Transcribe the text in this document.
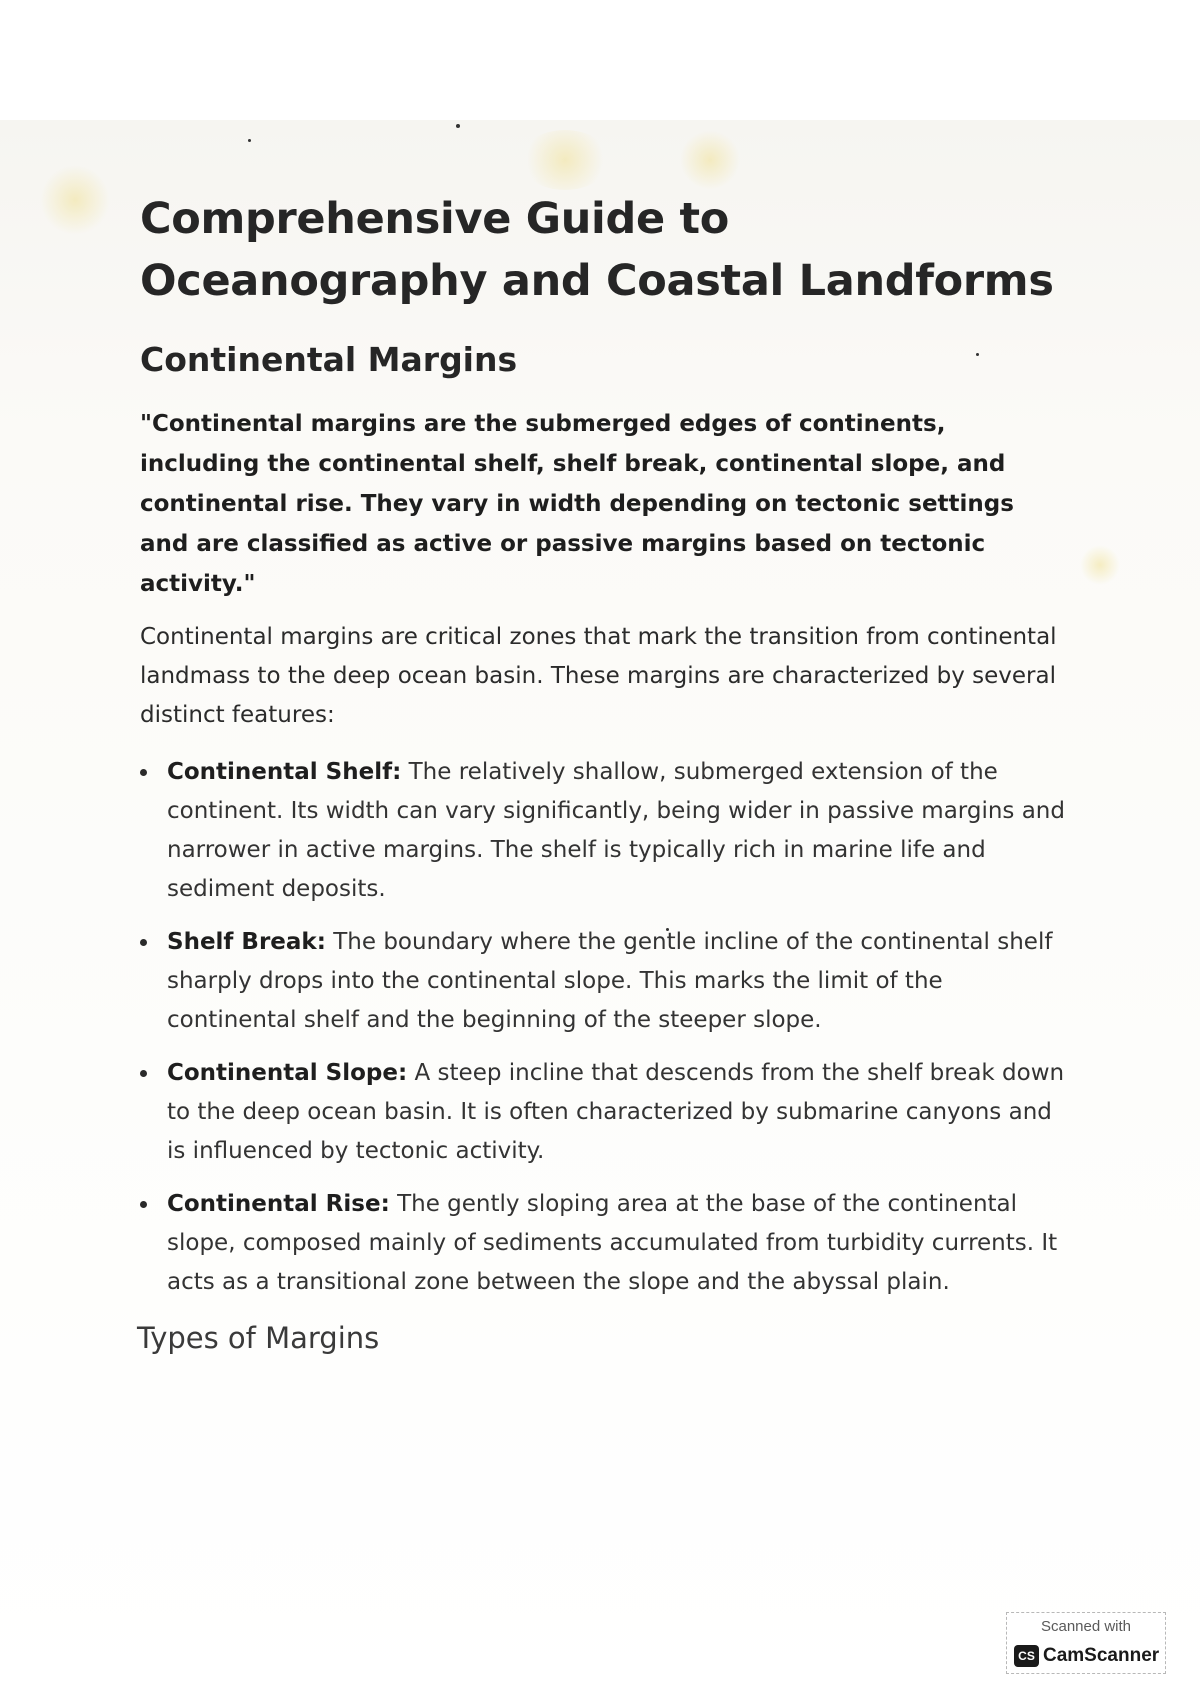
Comprehensive Guide to
Oceanography and Coastal Landforms
Continental Margins

"Continental margins are the submerged edges of continents, including the continental shelf, shelf break, continental slope, and continental rise. They vary in width depending on tectonic settings and are classified as active or passive margins based on tectonic activity."

Continental margins are critical zones that mark the transition from continental landmass to the deep ocean basin. These margins are characterized by several distinct features:

Continental Shelf: The relatively shallow, submerged extension of the continent. Its width can vary significantly, being wider in passive margins and narrower in active margins. The shelf is typically rich in marine life and sediment deposits.
Shelf Break: The boundary where the gentle incline of the continental shelf sharply drops into the continental slope. This marks the limit of the continental shelf and the beginning of the steeper slope.
Continental Slope: A steep incline that descends from the shelf break down to the deep ocean basin. It is often characterized by submarine canyons and is influenced by tectonic activity.
Continental Rise: The gently sloping area at the base of the continental slope, composed mainly of sediments accumulated from turbidity currents. It acts as a transitional zone between the slope and the abyssal plain.
Types of Margins
Scanned with
CS CamScanner
